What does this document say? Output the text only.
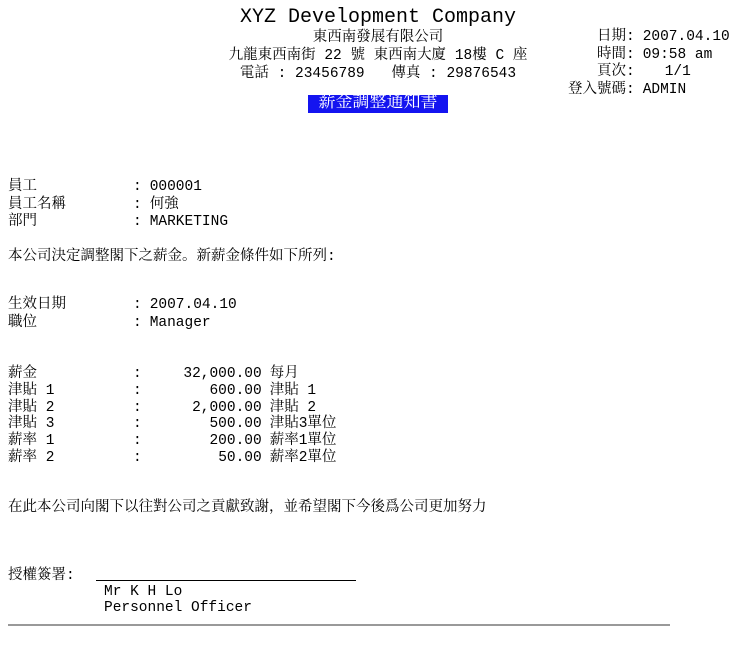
XYZ Development Company
東西南發展有限公司
九龍東西南街 22 號 東西南大廈 18樓 C 座
電話 : 23456789 傳真 : 29876543
日期 : 2007.04.10
時間 : 09:58 am
頁次 : 1/1
登入號碼 : ADMIN
薪金調整通知書
員工	: 000001
員工名稱	: 何強
部門	: MARKETING
本公司決定調整閣下之薪金。新薪金條件如下所列:
生效日期	: 2007.04.10
職位	: Manager
薪金	:	32,000.00 每月
津貼 1	:	600.00 津貼 1
津貼 2	:	2,000.00 津貼 2
津貼 3	:	500.00 津貼3單位
薪率 1	:	200.00 薪率1單位
薪率 2	:	50.00 薪率2單位
在此本公司向閣下以往對公司之貢獻致謝，並希望閣下今後爲公司更加努力
授權簽署:
Mr K H Lo
Personnel Officer
